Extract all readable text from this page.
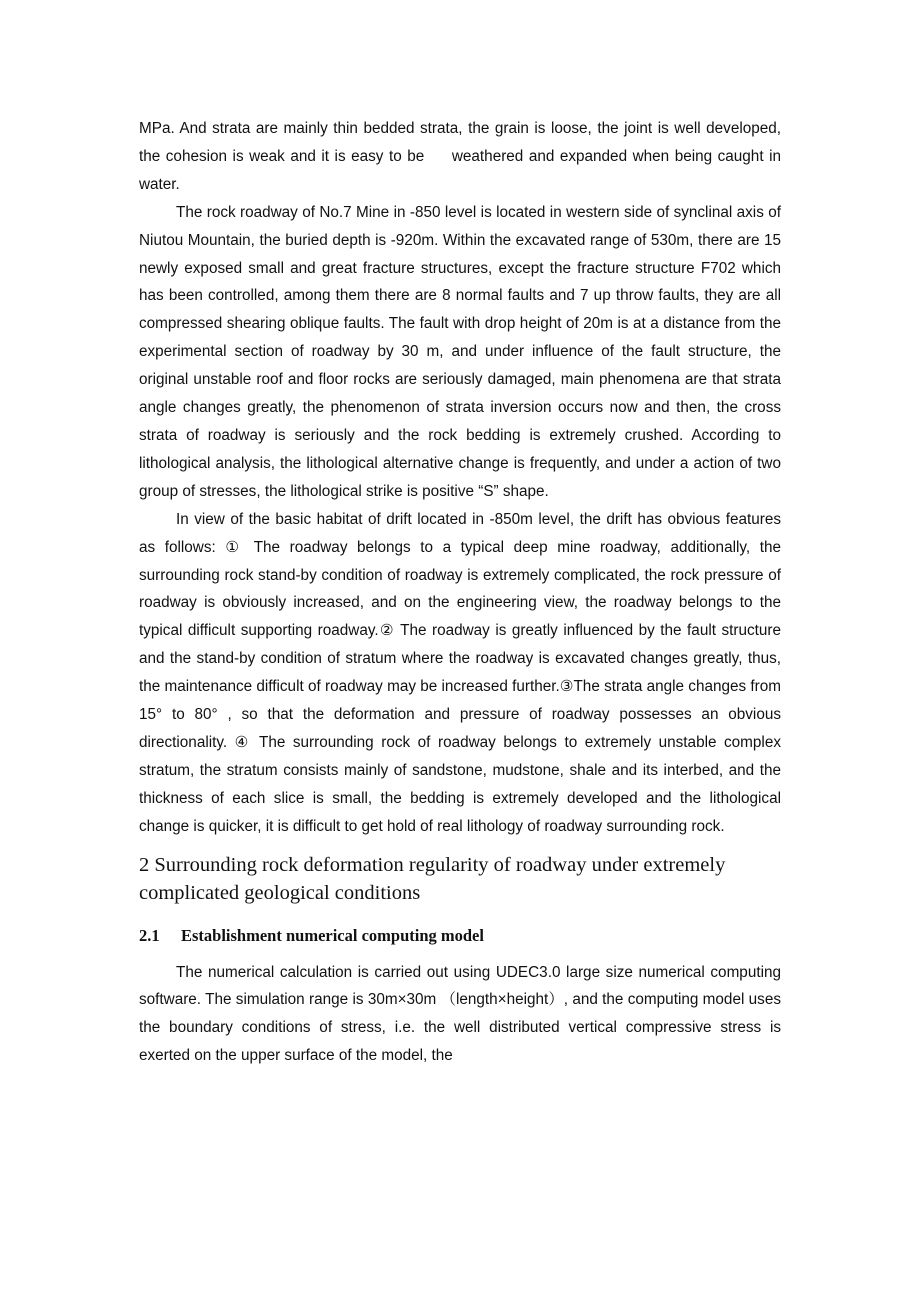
MPa. And strata are mainly thin bedded strata, the grain is loose, the joint is well developed, the cohesion is weak and it is easy to be     weathered and expanded when being caught in water.

The rock roadway of No.7 Mine in -850 level is located in western side of synclinal axis of Niutou Mountain, the buried depth is -920m. Within the excavated range of 530m, there are 15 newly exposed small and great fracture structures, except the fracture structure F702 which has been controlled, among them there are 8 normal faults and 7 up throw faults, they are all compressed shearing oblique faults. The fault with drop height of 20m is at a distance from the experimental section of roadway by 30 m, and under influence of the fault structure, the original unstable roof and floor rocks are seriously damaged, main phenomena are that strata angle changes greatly, the phenomenon of strata inversion occurs now and then, the cross strata of roadway is seriously and the rock bedding is extremely crushed. According to lithological analysis, the lithological alternative change is frequently, and under a action of two group of stresses, the lithological strike is positive “S” shape.

In view of the basic habitat of drift located in -850m level, the drift has obvious features as follows: ① The roadway belongs to a typical deep mine roadway, additionally, the surrounding rock stand-by condition of roadway is extremely complicated, the rock pressure of roadway is obviously increased, and on the engineering view, the roadway belongs to the typical difficult supporting roadway.② The roadway is greatly influenced by the fault structure and the stand-by condition of stratum where the roadway is excavated changes greatly, thus, the maintenance difficult of roadway may be increased further.③The strata angle changes from 15° to 80° , so that the deformation and pressure of roadway possesses an obvious directionality. ④ The surrounding rock of roadway belongs to extremely unstable complex stratum, the stratum consists mainly of sandstone, mudstone, shale and its interbed, and the thickness of each slice is small, the bedding is extremely developed and the lithological change is quicker, it is difficult to get hold of real lithology of roadway surrounding rock.

2 Surrounding rock deformation regularity of roadway under extremely complicated geological conditions
2.1 Establishment numerical computing model

The numerical calculation is carried out using UDEC3.0 large size numerical computing software. The simulation range is 30m×30m （length×height）, and the computing model uses the boundary conditions of stress, i.e. the well distributed vertical compressive stress is exerted on the upper surface of the model, the
